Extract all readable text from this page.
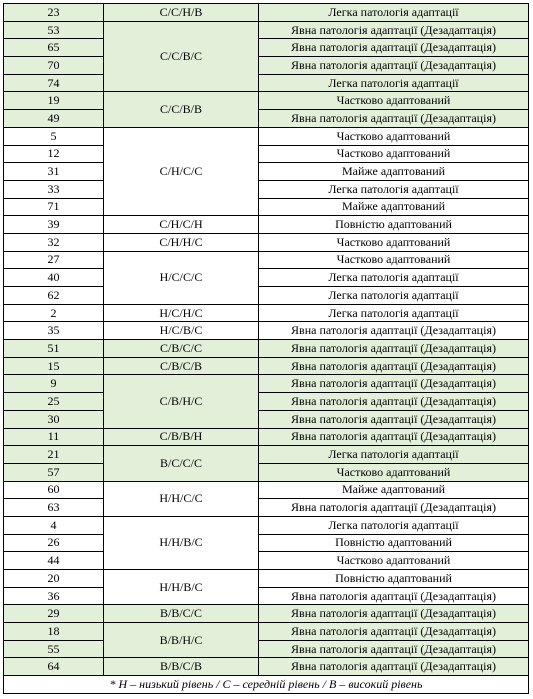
23	С/С/Н/В	Легка патологія адаптації
53	С/С/В/С	Явна патологія адаптації (Дезадаптація)
65		Явна патологія адаптації (Дезадаптація)
70		Явна патологія адаптації (Дезадаптація)
74		Легка патологія адаптації
19	С/С/В/В	Частково адаптований
49		Явна патологія адаптації (Дезадаптація)
5	С/Н/С/С	Частково адаптований
12		Частково адаптований
31		Майже адаптований
33		Легка патологія адаптації
71		Майже адаптований
39	С/Н/С/Н	Повністю адаптований
32	С/Н/Н/С	Частково адаптований
27	Н/С/С/С	Частково адаптований
40		Легка патологія адаптації
62		Легка патологія адаптації
2	Н/С/Н/С	Легка патологія адаптації
35	Н/С/В/С	Явна патологія адаптації (Дезадаптація)
51	С/В/С/С	Явна патологія адаптації (Дезадаптація)
15	С/В/С/В	Явна патологія адаптації (Дезадаптація)
9	С/В/Н/С	Явна патологія адаптації (Дезадаптація)
25		Явна патологія адаптації (Дезадаптація)
30		Явна патологія адаптації (Дезадаптація)
11	С/В/В/Н	Явна патологія адаптації (Дезадаптація)
21	В/С/С/С	Легка патологія адаптації
57		Частково адаптований
60	Н/Н/С/С	Майже адаптований
63		Явна патологія адаптації (Дезадаптація)
4	Н/Н/В/С	Легка патологія адаптації
26		Повністю адаптований
44		Частково адаптований
20	Н/Н/В/С	Повністю адаптований
36		Явна патологія адаптації (Дезадаптація)
29	В/В/С/С	Явна патологія адаптації (Дезадаптація)
18	В/В/Н/С	Явна патологія адаптації (Дезадаптація)
55		Явна патологія адаптації (Дезадаптація)
64	В/В/С/В	Явна патологія адаптації (Дезадаптація)
* Н – низький рівень / С – середній рівень / В – високий рівень		
